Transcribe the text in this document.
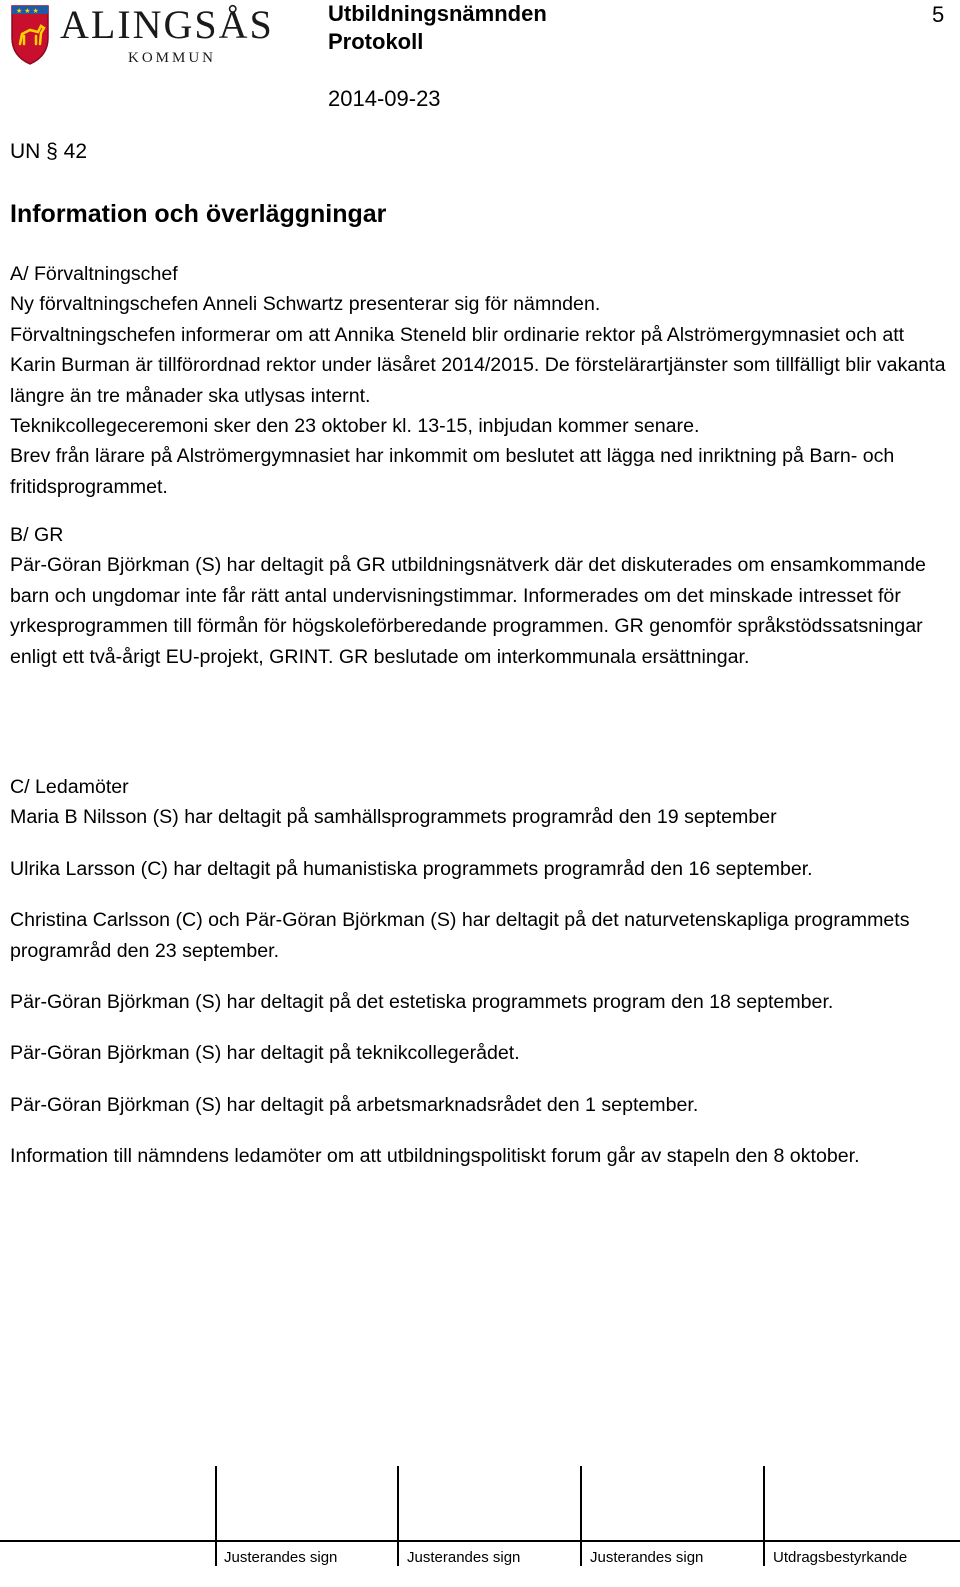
★ ★ ★ ALINGSÅS
KOMMUN
Utbildningsnämnden
Protokoll
2014-09-23
5
UN § 42
Information och överläggningar

A/ Förvaltningschef

Ny förvaltningschefen Anneli Schwartz presenterar sig för nämnden.

Förvaltningschefen informerar om att Annika Steneld blir ordinarie rektor på Alströmergymnasiet och att Karin Burman är tillförordnad rektor under läsåret 2014/2015. De förstelärartjänster som tillfälligt blir vakanta längre än tre månader ska utlysas internt.

Teknikcollegeceremoni sker den 23 oktober kl. 13-15, inbjudan kommer senare.

Brev från lärare på Alströmergymnasiet har inkommit om beslutet att lägga ned inriktning på Barn- och fritidsprogrammet.

B/ GR

Pär-Göran Björkman (S) har deltagit på GR utbildningsnätverk där det diskuterades om ensamkommande barn och ungdomar inte får rätt antal undervisningstimmar. Informerades om det minskade intresset för yrkesprogrammen till förmån för högskoleförberedande programmen. GR genomför språkstödssatsningar enligt ett två-årigt EU-projekt, GRINT. GR beslutade om interkommunala ersättningar.

C/ Ledamöter

Maria B Nilsson (S) har deltagit på samhällsprogrammets programråd den 19 september

Ulrika Larsson (C) har deltagit på humanistiska programmets programråd den 16 september.

Christina Carlsson (C) och Pär-Göran Björkman (S) har deltagit på det naturvetenskapliga programmets programråd den 23 september.

Pär-Göran Björkman (S) har deltagit på det estetiska programmets program den 18 september.

Pär-Göran Björkman (S) har deltagit på teknikcollegerådet.

Pär-Göran Björkman (S) har deltagit på arbetsmarknadsrådet den 1 september.

Information till nämndens ledamöter om att utbildningspolitiskt forum går av stapeln den 8 oktober.

Justerandes sign	Justerandes sign	Justerandes sign	Utdragsbestyrkande
